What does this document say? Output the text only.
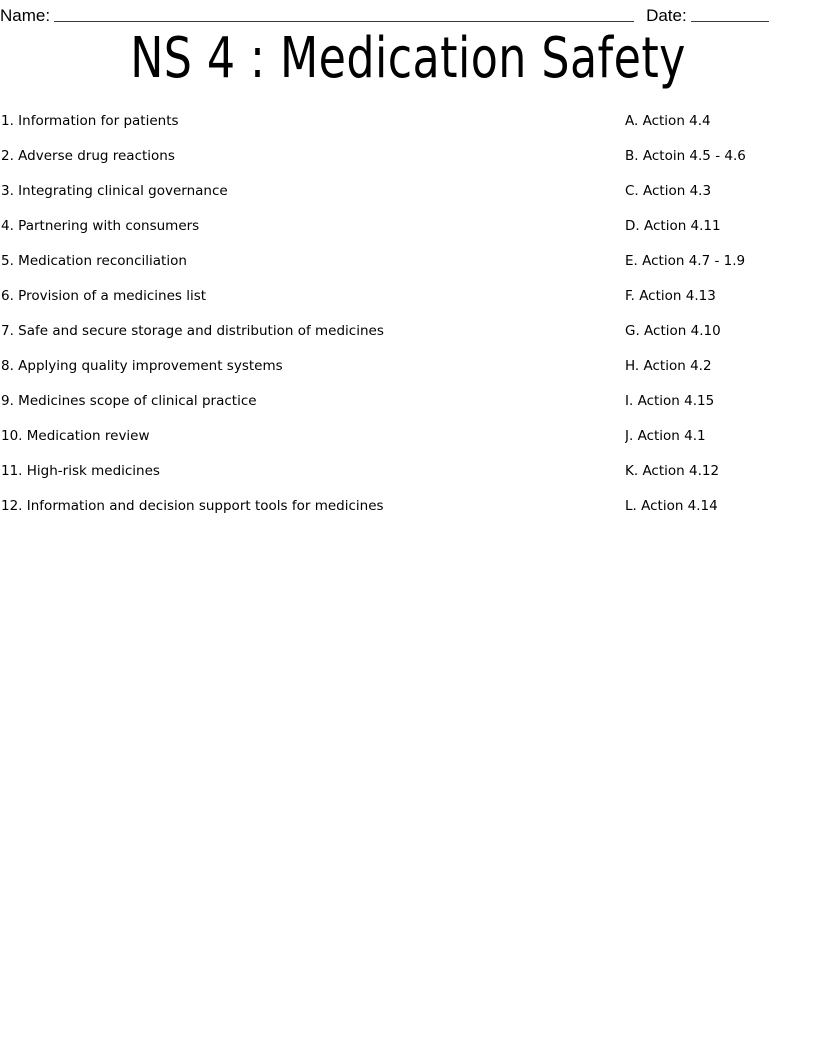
Name:	Date:
NS 4 : Medication Safety
1. Information for patients
2. Adverse drug reactions
3. Integrating clinical governance
4. Partnering with consumers
5. Medication reconciliation
6. Provision of a medicines list
7. Safe and secure storage and distribution of medicines
8. Applying quality improvement systems
9. Medicines scope of clinical practice
10. Medication review
11. High-risk medicines
12. Information and decision support tools for medicines
A. Action 4.4
B. Actoin 4.5 - 4.6
C. Action 4.3
D. Action 4.11
E. Action 4.7 - 1.9
F. Action 4.13
G. Action 4.10
H. Action 4.2
I. Action 4.15
J. Action 4.1
K. Action 4.12
L. Action 4.14
